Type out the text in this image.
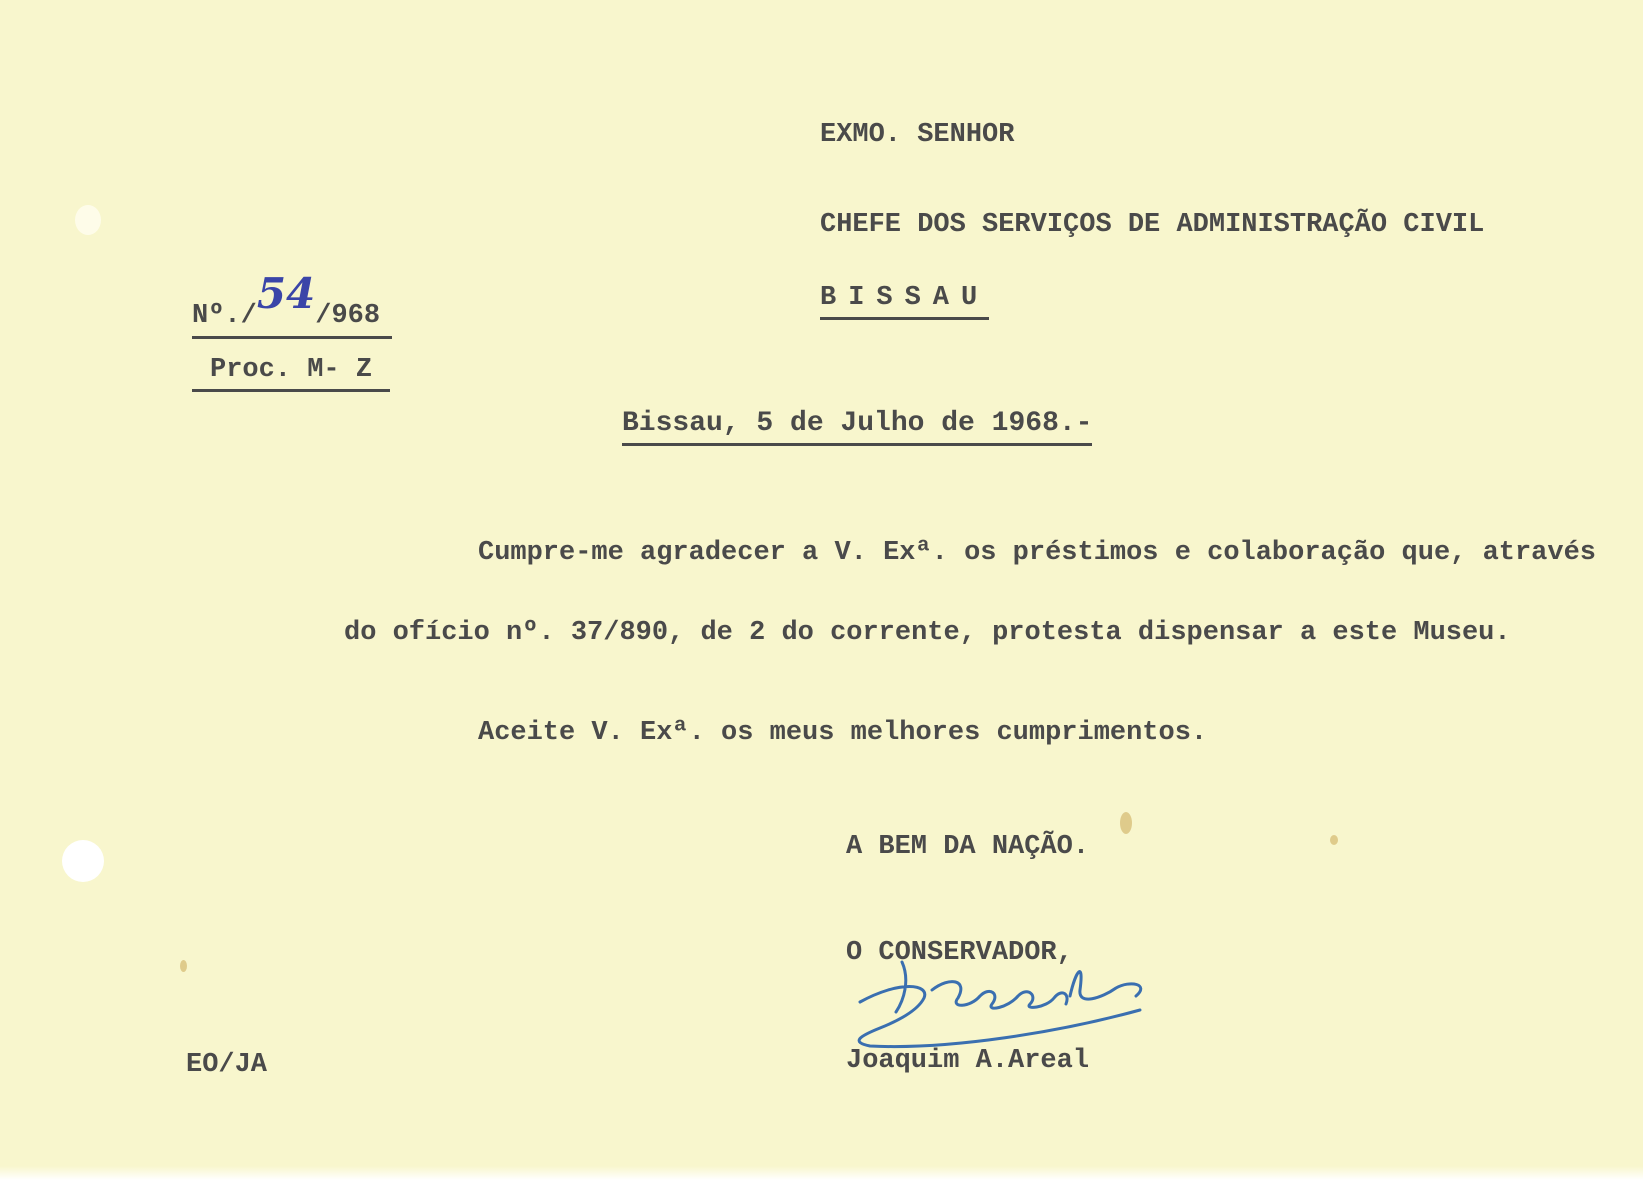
EXMO. SENHOR
CHEFE DOS SERVIÇOS DE ADMINISTRAÇÃO CIVIL
BISSAU
Nº./54/968
Proc. M- Z
Bissau, 5 de Julho de 1968.-
Cumpre-me agradecer a V. Exª. os préstimos e colaboração que, através
do ofício nº. 37/890, de 2 do corrente, protesta dispensar a este Museu.
Aceite V. Exª. os meus melhores cumprimentos.
A BEM DA NAÇÃO.
O CONSERVADOR,
Joaquim A.Areal
EO/JA
